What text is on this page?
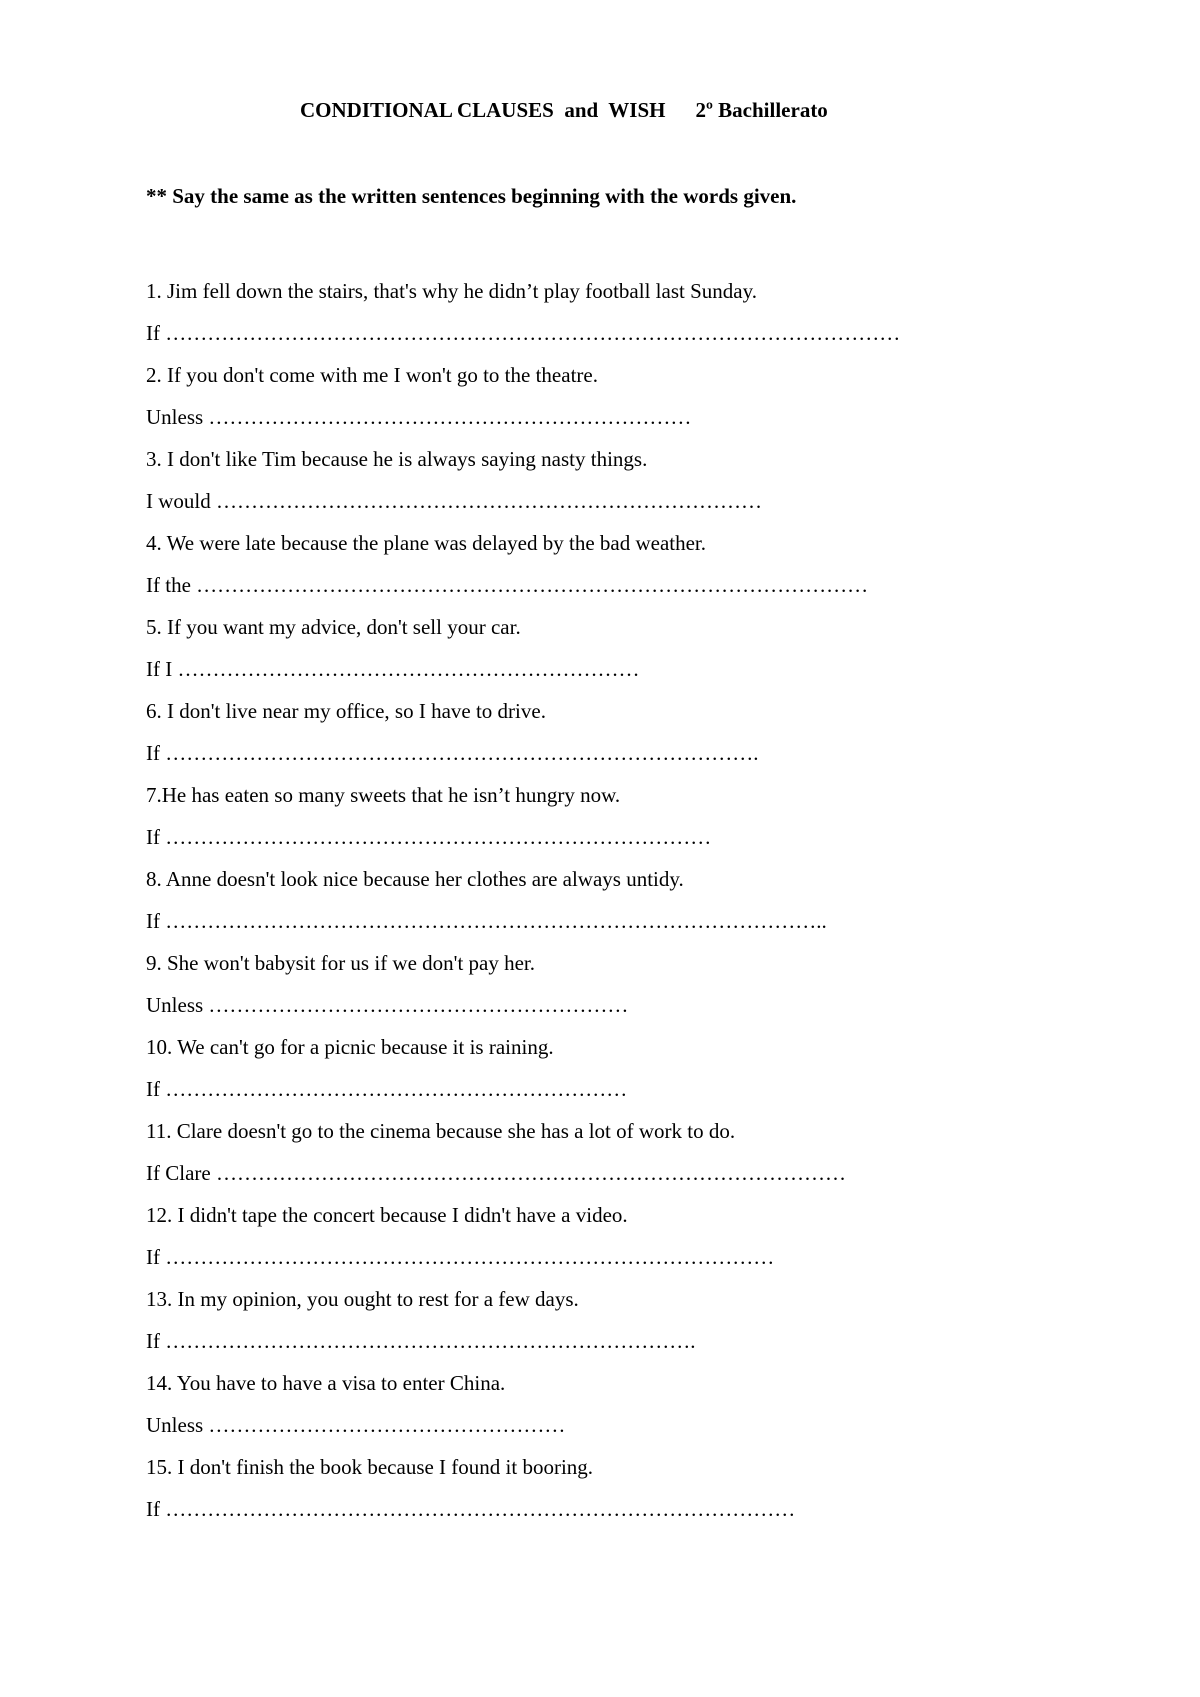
CONDITIONAL CLAUSES  and  WISH 2º Bachillerato

** Say the same as the written sentences beginning with the words given.

1. Jim fell down the stairs, that's why he didn’t play football last Sunday.

If ……………………………………………………………………………………………

2. If you don't come with me I won't go to the theatre.

Unless ……………………………………………………………

3. I don't like Tim because he is always saying nasty things.

I would ……………………………………………………………………

4. We were late because the plane was delayed by the bad weather.

If the ……………………………………………………………………………………

5. If you want my advice, don't sell your car.

If I …………………………………………………………

6. I don't live near my office, so I have to drive.

If ………………………………………………………………………….

7.He has eaten so many sweets that he isn’t hungry now.

If ……………………………………………………………………

8. Anne doesn't look nice because her clothes are always untidy.

If …………………………………………………………………………………..

9. She won't babysit for us if we don't pay her.

Unless ……………………………………………………

10. We can't go for a picnic because it is raining.

If …………………………………………………………

11. Clare doesn't go to the cinema because she has a lot of work to do.

If Clare ………………………………………………………………………………

12. I didn't tape the concert because I didn't have a video.

If ……………………………………………………………………………

13. In my opinion, you ought to rest for a few days.

If ………………………………………………………………….

14. You have to have a visa to enter China.

Unless ……………………………………………

15. I don't finish the book because I found it booring.

If ………………………………………………………………………………
